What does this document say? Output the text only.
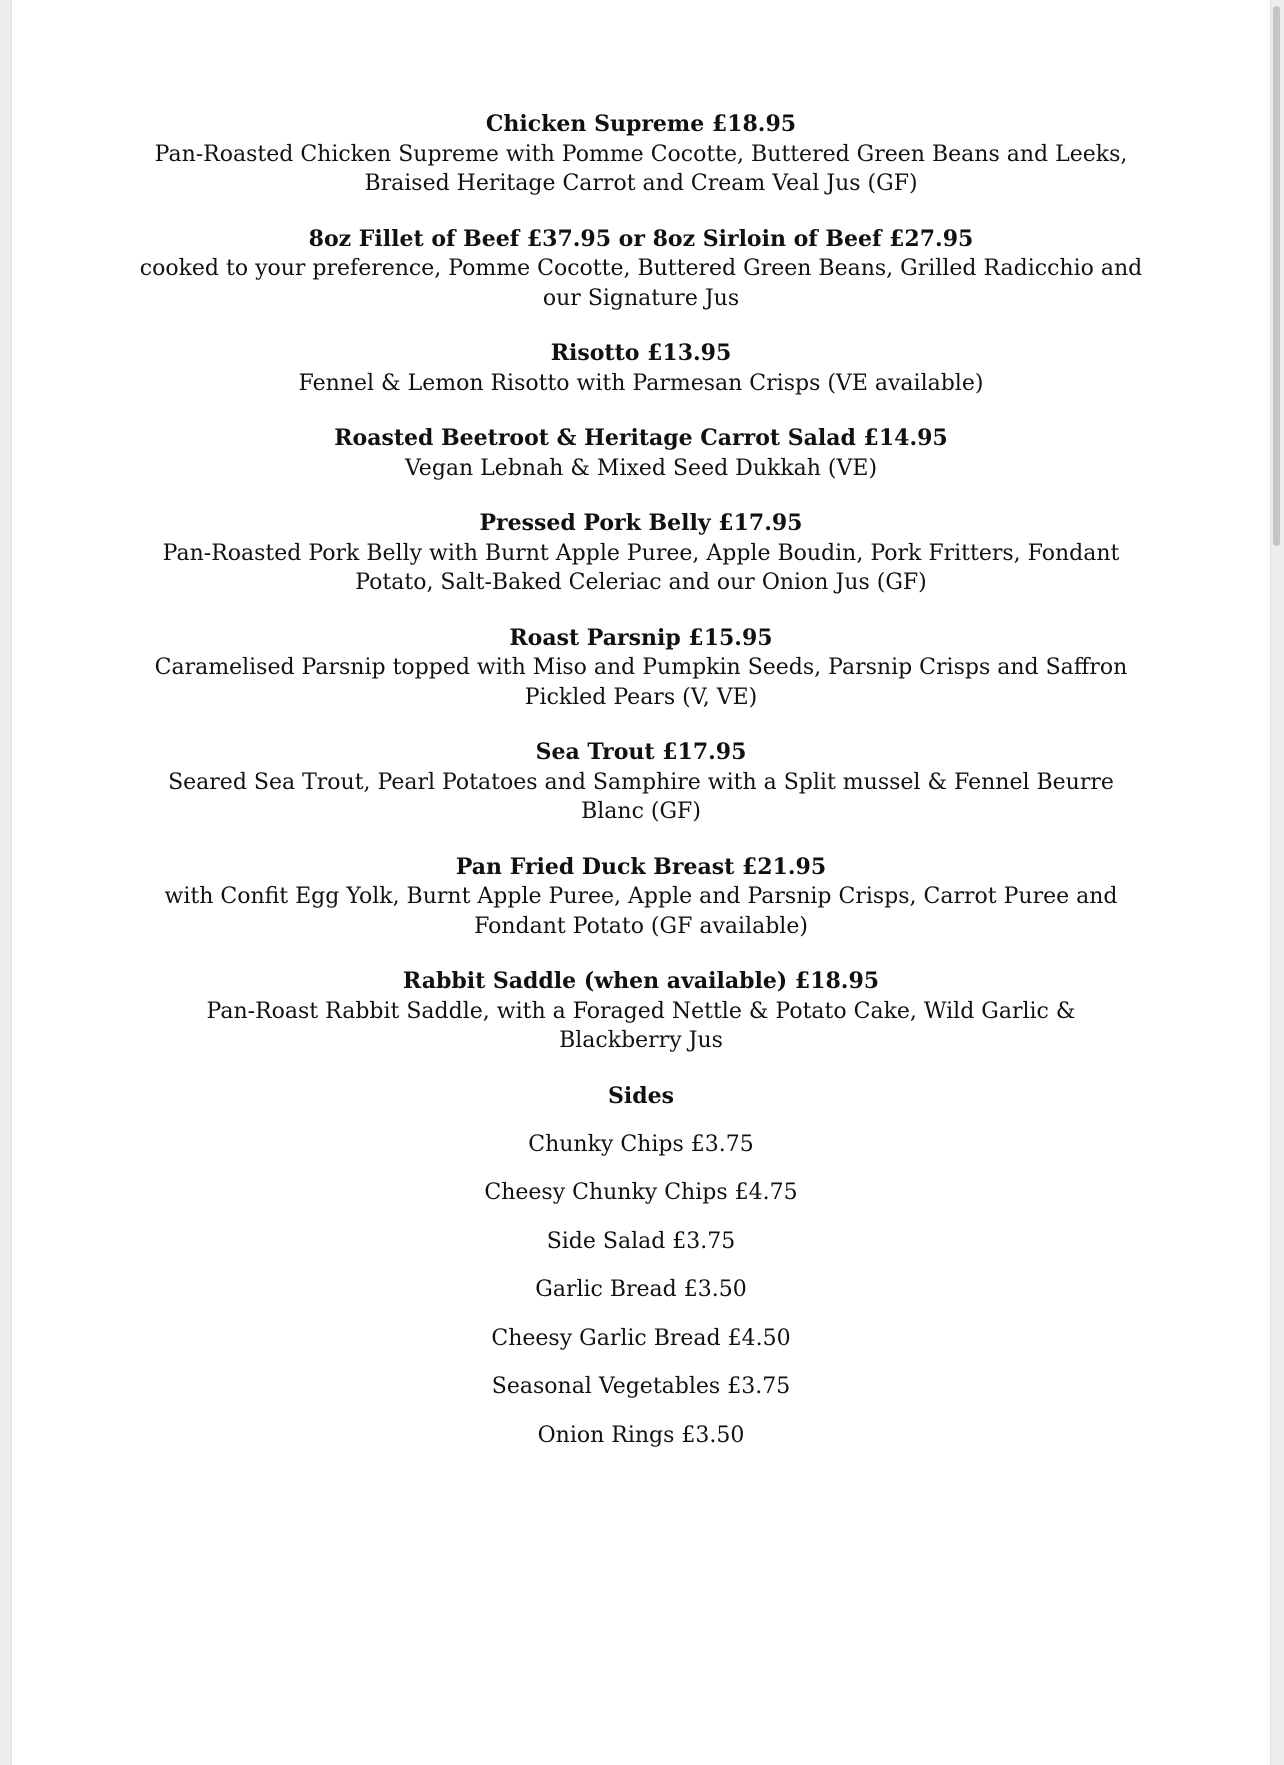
Chicken Supreme £18.95
Pan-Roasted Chicken Supreme with Pomme Cocotte, Buttered Green Beans and Leeks,
Braised Heritage Carrot and Cream Veal Jus (GF)
8oz Fillet of Beef £37.95 or 8oz Sirloin of Beef £27.95
cooked to your preference, Pomme Cocotte, Buttered Green Beans, Grilled Radicchio and
our Signature Jus
Risotto £13.95
Fennel & Lemon Risotto with Parmesan Crisps (VE available)
Roasted Beetroot & Heritage Carrot Salad £14.95
Vegan Lebnah & Mixed Seed Dukkah (VE)
Pressed Pork Belly £17.95
Pan-Roasted Pork Belly with Burnt Apple Puree, Apple Boudin, Pork Fritters, Fondant
Potato, Salt-Baked Celeriac and our Onion Jus (GF)
Roast Parsnip £15.95
Caramelised Parsnip topped with Miso and Pumpkin Seeds, Parsnip Crisps and Saffron
Pickled Pears (V, VE)
Sea Trout £17.95
Seared Sea Trout, Pearl Potatoes and Samphire with a Split mussel & Fennel Beurre
Blanc (GF)
Pan Fried Duck Breast £21.95
with Confit Egg Yolk, Burnt Apple Puree, Apple and Parsnip Crisps, Carrot Puree and
Fondant Potato (GF available)
Rabbit Saddle (when available) £18.95
Pan-Roast Rabbit Saddle, with a Foraged Nettle & Potato Cake, Wild Garlic &
Blackberry Jus
Sides
Chunky Chips £3.75
Cheesy Chunky Chips £4.75
Side Salad £3.75
Garlic Bread £3.50
Cheesy Garlic Bread £4.50
Seasonal Vegetables £3.75
Onion Rings £3.50
